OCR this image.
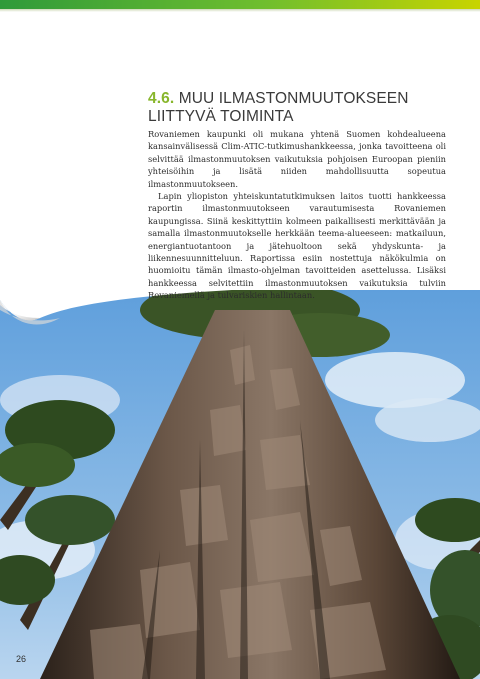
4.6. MUU ILMASTONMUUTOKSEEN LIITTYVÄ TOIMINTA

Rovaniemen kaupunki oli mukana yhtenä Suomen kohdealueena kansainvälisessä Clim-ATIC-tutkimushankkeessa, jonka tavoitteena oli selvittää ilmastonmuutoksen vaikutuksia pohjoisen Euroopan pieniin yhteisöihin ja lisätä niiden mahdollisuutta sopeutua ilmastonmuutokseen.

Lapin yliopiston yhteiskuntatutkimuksen laitos tuotti hankkeessa raportin ilmastonmuutokseen varautumisesta Rovaniemen kaupungissa. Siinä keskittyttiin kolmeen paikallisesti merkittävään ja samalla ilmastonmuutokselle herkkään teema-alueeseen: matkailuun, energiantuotantoon ja jätehuoltoon sekä yhdyskunta- ja liikennesuunnitteluun. Raportissa esiin nostettuja näkökulmia on huomioitu tämän ilmasto-ohjelman tavoitteiden asettelussa. Lisäksi hankkeessa selvitettiin ilmastonmuutoksen vaikutuksia tulviin Rovaniemellä ja tulvariskien hallintaan.

26
